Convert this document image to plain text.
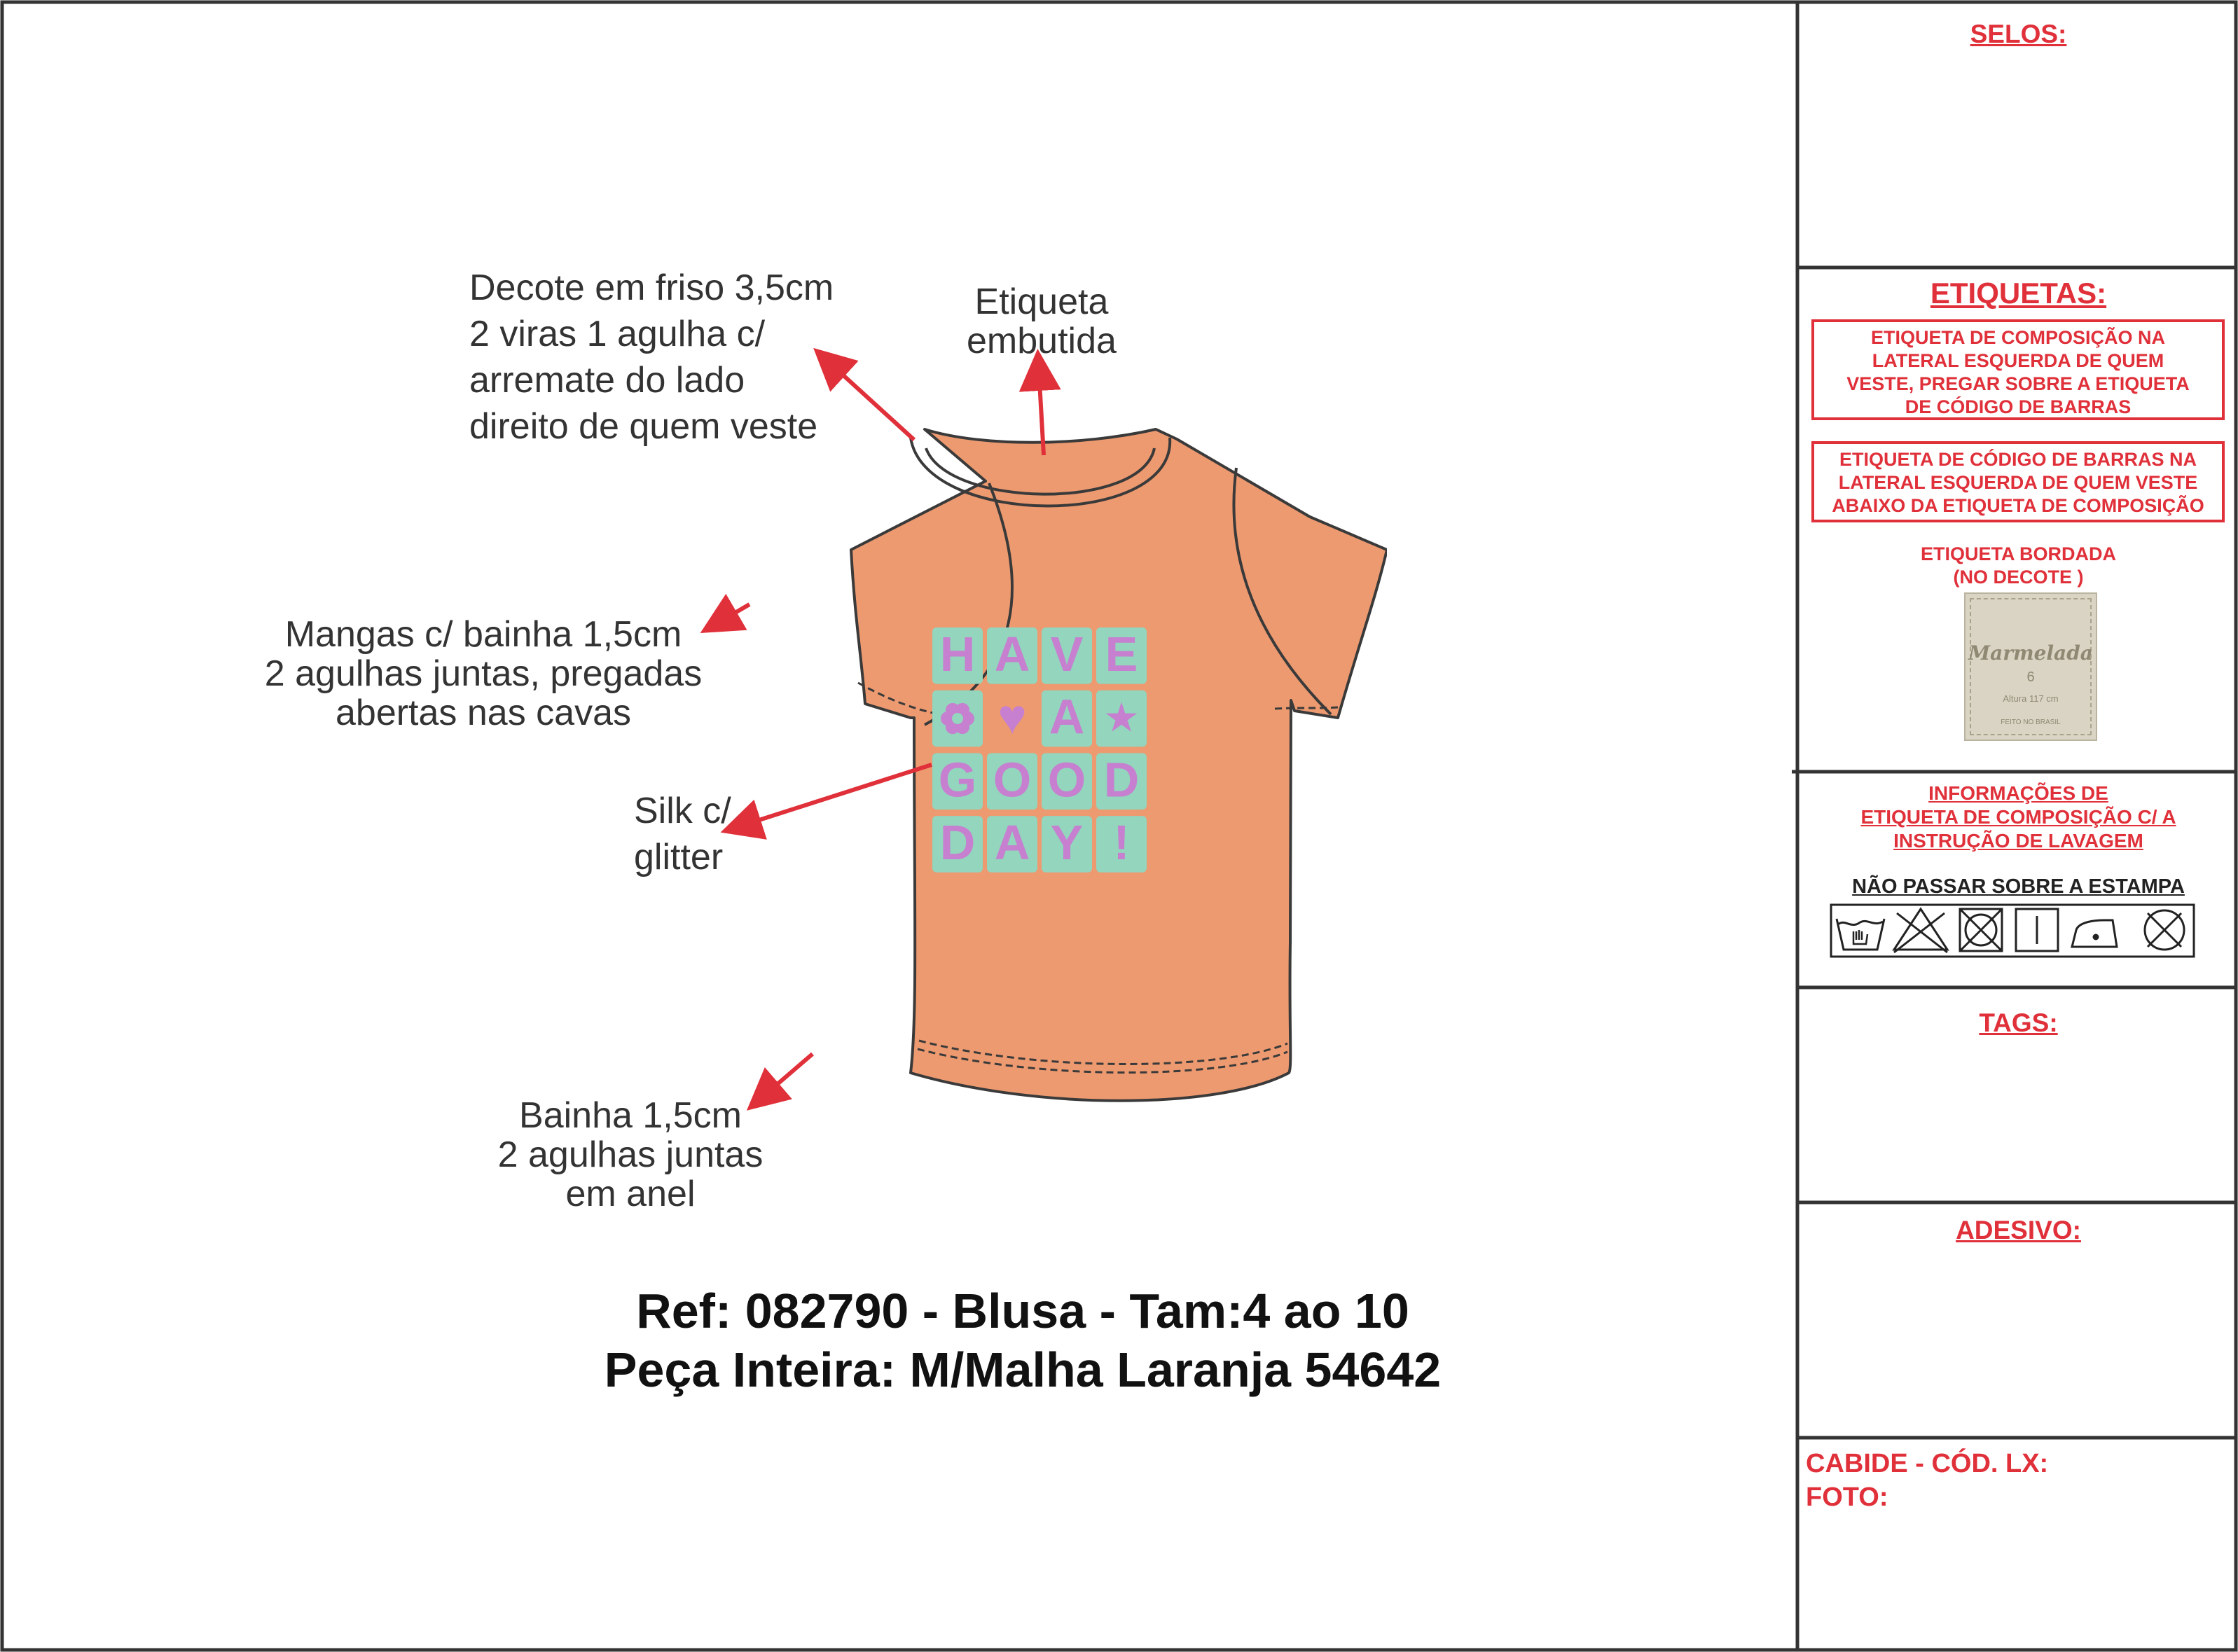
H A V E
♥ A ★
G O O D
D A Y !
Decote em friso 3,5cm
2 viras 1 agulha c/
arremate do lado
direito de quem veste
Etiqueta
embutida
Mangas c/ bainha 1,5cm
2 agulhas juntas, pregadas
abertas nas cavas
Silk c/
glitter
Bainha 1,5cm
2 agulhas juntas
em anel
Ref: 082790 - Blusa - Tam:4 ao 10
Peça Inteira: M/Malha Laranja 54642
SELOS:
ETIQUETAS:
ETIQUETA DE COMPOSIÇÃO NA
LATERAL ESQUERDA DE QUEM
VESTE, PREGAR SOBRE A ETIQUETA
DE CÓDIGO DE BARRAS
ETIQUETA DE CÓDIGO DE BARRAS NA
LATERAL ESQUERDA DE QUEM VESTE
ABAIXO DA ETIQUETA DE COMPOSIÇÃO
ETIQUETA BORDADA
(NO DECOTE )
Marmelada
6
Altura 117 cm
FEITO NO BRASIL
INFORMAÇÕES DE
ETIQUETA DE COMPOSIÇÃO C/ A
INSTRUÇÃO DE LAVAGEM
NÃO PASSAR SOBRE A ESTAMPA
TAGS:
ADESIVO:
CABIDE - CÓD. LX:
FOTO:
